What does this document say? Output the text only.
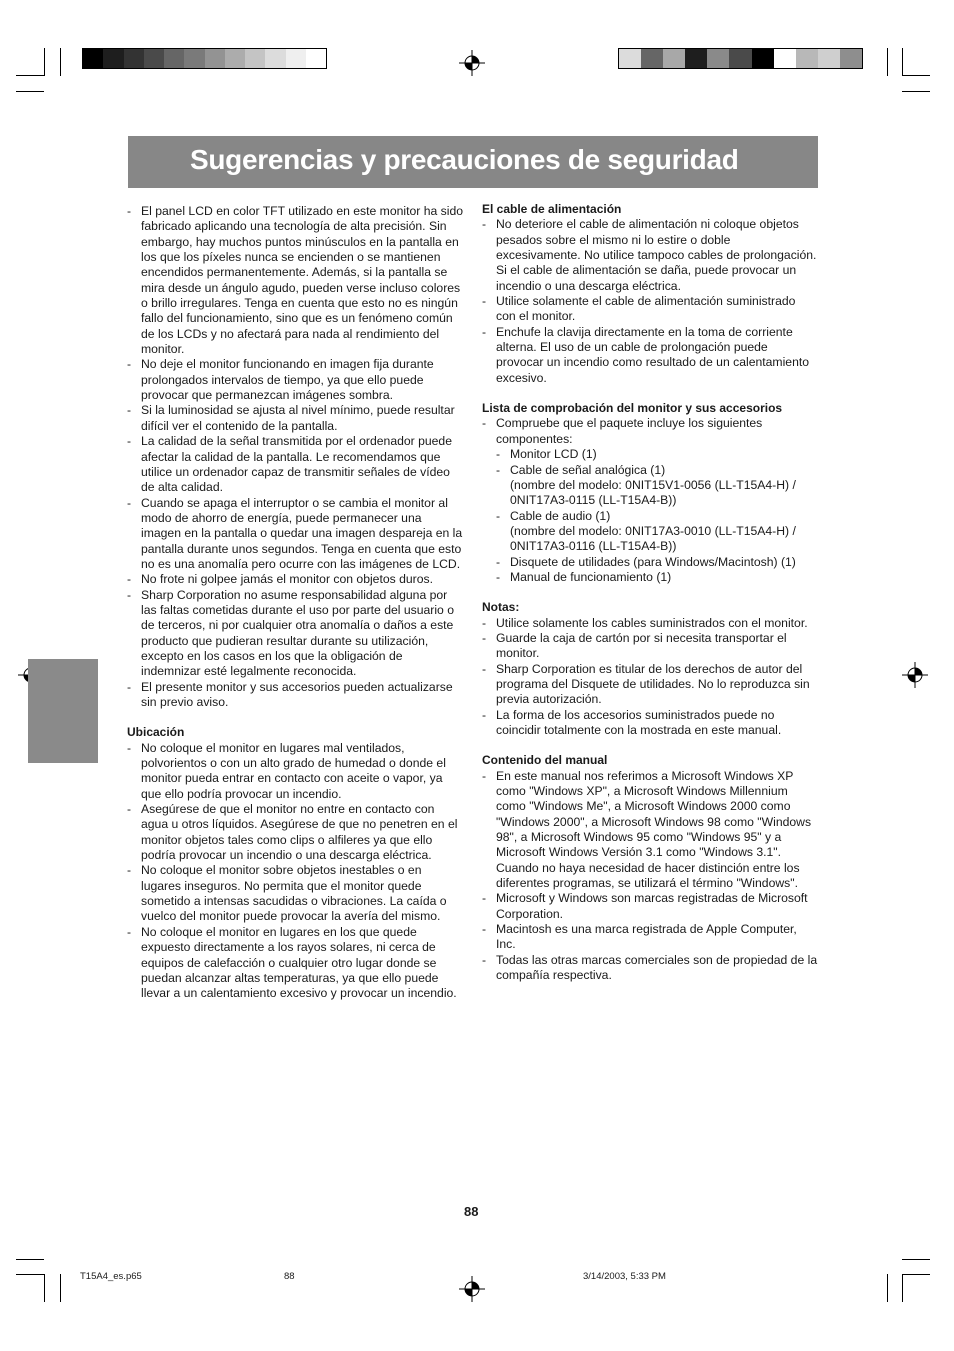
Sugerencias y precauciones de seguridad
- El panel LCD en color TFT utilizado en este monitor ha sido fabricado aplicando una tecnología de alta precisión. Sin embargo, hay muchos puntos minúsculos en la pantalla en los que los píxeles nunca se encienden o se mantienen encendidos permanentemente. Además, si la pantalla se mira desde un ángulo agudo, pueden verse incluso colores o brillo irregulares. Tenga en cuenta que esto no es ningún fallo del funcionamiento, sino que es un fenómeno común de los LCDs y no afectará para nada al rendimiento del monitor.
- No deje el monitor funcionando en imagen fija durante prolongados intervalos de tiempo, ya que ello puede provocar que permanezcan imágenes sombra.
- Si la luminosidad se ajusta al nivel mínimo, puede resultar difícil ver el contenido de la pantalla.
- La calidad de la señal transmitida por el ordenador puede afectar la calidad de la pantalla. Le recomendamos que utilice un ordenador capaz de transmitir señales de vídeo de alta calidad.
- Cuando se apaga el interruptor o se cambia el monitor al modo de ahorro de energía, puede permanecer una imagen en la pantalla o quedar una imagen despareja en la pantalla durante unos segundos. Tenga en cuenta que esto no es una anomalía pero ocurre con las imágenes de LCD.
- No frote ni golpee jamás el monitor con objetos duros.
- Sharp Corporation no asume responsabilidad alguna por las faltas cometidas durante el uso por parte del usuario o de terceros, ni por cualquier otra anomalía o daños a este producto que pudieran resultar durante su utilización, excepto en los casos en los que la obligación de indemnizar esté legalmente reconocida.
- El presente monitor y sus accesorios pueden actualizarse sin previo aviso.
Ubicación
- No coloque el monitor en lugares mal ventilados, polvorientos o con un alto grado de humedad o donde el monitor pueda entrar en contacto con aceite o vapor, ya que ello podría provocar un incendio.
- Asegúrese de que el monitor no entre en contacto con agua u otros líquidos. Asegúrese de que no penetren en el monitor objetos tales como clips o alfileres ya que ello podría provocar un incendio o una descarga eléctrica.
- No coloque el monitor sobre objetos inestables o en lugares inseguros. No permita que el monitor quede sometido a intensas sacudidas o vibraciones. La caída o vuelco del monitor puede provocar la avería del mismo.
- No coloque el monitor en lugares en los que quede expuesto directamente a los rayos solares, ni cerca de equipos de calefacción o cualquier otro lugar donde se puedan alcanzar altas temperaturas, ya que ello puede llevar a un calentamiento excesivo y provocar un incendio.
El cable de alimentación
- No deteriore el cable de alimentación ni coloque objetos pesados sobre el mismo ni lo estire o doble excesivamente. No utilice tampoco cables de prolongación. Si el cable de alimentación se daña, puede provocar un incendio o una descarga eléctrica.
- Utilice solamente el cable de alimentación suministrado con el monitor.
- Enchufe la clavija directamente en la toma de corriente alterna. El uso de un cable de prolongación puede provocar un incendio como resultado de un calentamiento excesivo.
Lista de comprobación del monitor y sus accesorios
- Compruebe que el paquete incluye los siguientes componentes:
- Monitor LCD (1)
- Cable de señal analógica (1)
(nombre del modelo: 0NIT15V1-0056 (LL-T15A4-H) /
0NIT17A3-0115 (LL-T15A4-B))
- Cable de audio (1)
(nombre del modelo: 0NIT17A3-0010 (LL-T15A4-H) /
0NIT17A3-0116 (LL-T15A4-B))
- Disquete de utilidades (para Windows/Macintosh) (1)
- Manual de funcionamiento (1)
Notas:
- Utilice solamente los cables suministrados con el monitor.
- Guarde la caja de cartón por si necesita transportar el monitor.
- Sharp Corporation es titular de los derechos de autor del programa del Disquete de utilidades. No lo reproduzca sin previa autorización.
- La forma de los accesorios suministrados puede no coincidir totalmente con la mostrada en este manual.
Contenido del manual
- En este manual nos referimos a Microsoft Windows XP como "Windows XP", a Microsoft Windows Millennium como "Windows Me", a Microsoft Windows 2000 como "Windows 2000", a Microsoft Windows 98 como "Windows 98", a Microsoft Windows 95 como "Windows 95" y a Microsoft Windows Versión 3.1 como "Windows 3.1". Cuando no haya necesidad de hacer distinción entre los diferentes programas, se utilizará el término "Windows".
- Microsoft y Windows son marcas registradas de Microsoft Corporation.
- Macintosh es una marca registrada de Apple Computer, Inc.
- Todas las otras marcas comerciales son de propiedad de la compañía respectiva.
88
T15A4_es.p65	88	3/14/2003, 5:33 PM
